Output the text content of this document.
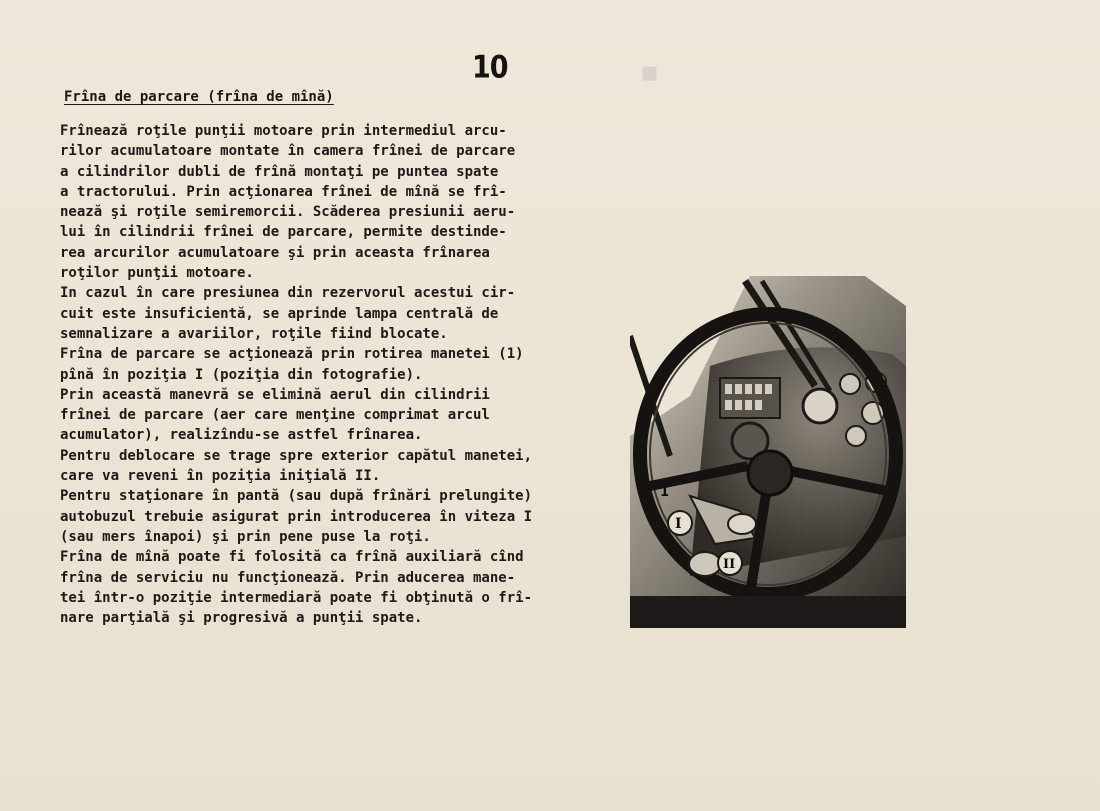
▪
10
Frîna de parcare (frîna de mînă)

Frînează roţile punţii motoare prin intermediul arcu-

rilor acumulatoare montate în camera frînei de parcare

a cilindrilor dubli de frînă montaţi pe puntea spate

a tractorului. Prin acţionarea frînei de mînă se frî-

nează şi roţile semiremorcii. Scăderea presiunii aeru-

lui în cilindrii frînei de parcare, permite destinde-

rea arcurilor acumulatoare şi prin aceasta frînarea

roţilor punţii motoare.

In cazul în care presiunea din rezervorul acestui cir-

cuit este insuficientă, se aprinde lampa centrală de

semnalizare a avariilor, roţile fiind blocate.

Frîna de parcare se acţionează prin rotirea manetei (1)

pînă în poziţia I (poziţia din fotografie).

Prin această manevră se elimină aerul din cilindrii

frînei de parcare (aer care menţine comprimat arcul

acumulator), realizîndu-se astfel frînarea.

Pentru deblocare se trage spre exterior capătul manetei,

care va reveni în poziţia iniţială II.

Pentru staţionare în pantă (sau după frînări prelungite)

autobuzul trebuie asigurat prin introducerea în viteza I

(sau mers înapoi) şi prin pene puse la roţi.

Frîna de mînă poate fi folosită ca frînă auxiliară cînd

frîna de serviciu nu funcţionează. Prin aducerea mane-

tei într-o poziţie intermediară poate fi obţinută o frî-

nare parţială şi progresivă a punţii spate.

1
I
II
